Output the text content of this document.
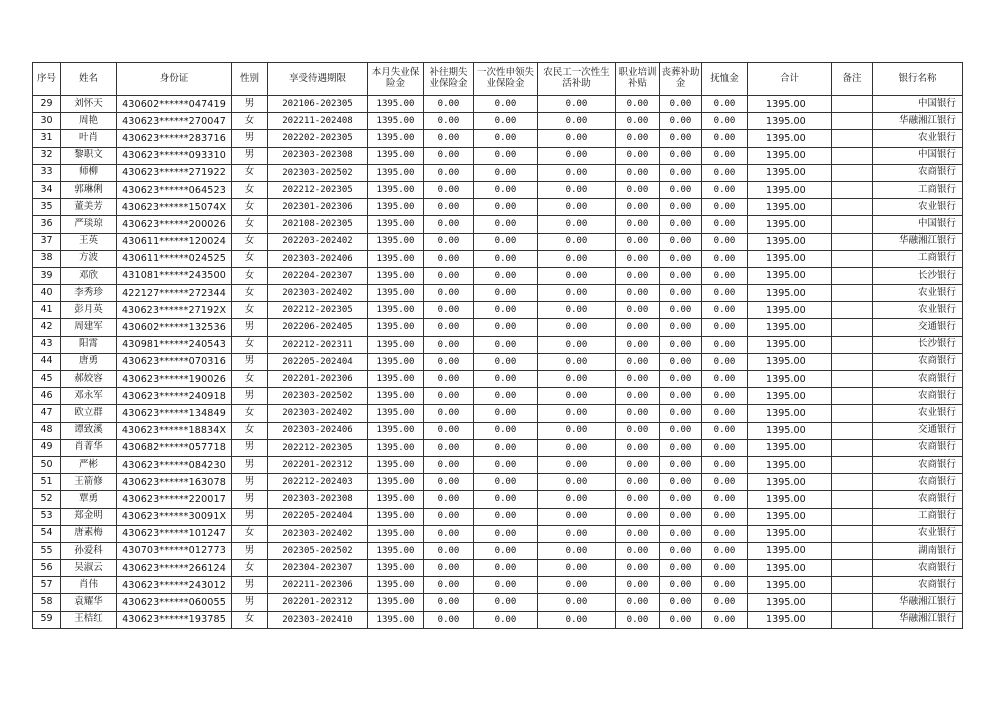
序号	姓名	身份证	性别	享受待遇期限	本月失业保险金	补往期失业保险金	一次性申领失业保险金	农民工一次性生活补助	职业培训补贴	丧葬补助金	抚恤金	合计	备注	银行名称
29	刘怀天	430602******047419	男	202106-202305	1395.00	0.00	0.00	0.00	0.00	0.00	0.00	1395.00		中国银行
30	周艳	430623******270047	女	202211-202408	1395.00	0.00	0.00	0.00	0.00	0.00	0.00	1395.00		华融湘江银行
31	叶肖	430623******283716	男	202202-202305	1395.00	0.00	0.00	0.00	0.00	0.00	0.00	1395.00		农业银行
32	黎职文	430623******093310	男	202303-202308	1395.00	0.00	0.00	0.00	0.00	0.00	0.00	1395.00		中国银行
33	师柳	430623******271922	女	202303-202502	1395.00	0.00	0.00	0.00	0.00	0.00	0.00	1395.00		农商银行
34	郭琳俐	430623******064523	女	202212-202305	1395.00	0.00	0.00	0.00	0.00	0.00	0.00	1395.00		工商银行
35	董美芳	430623******15074X	女	202301-202306	1395.00	0.00	0.00	0.00	0.00	0.00	0.00	1395.00		农业银行
36	严琰琼	430623******200026	女	202108-202305	1395.00	0.00	0.00	0.00	0.00	0.00	0.00	1395.00		中国银行
37	王英	430611******120024	女	202203-202402	1395.00	0.00	0.00	0.00	0.00	0.00	0.00	1395.00		华融湘江银行
38	方波	430611******024525	女	202303-202406	1395.00	0.00	0.00	0.00	0.00	0.00	0.00	1395.00		工商银行
39	邓欣	431081******243500	女	202204-202307	1395.00	0.00	0.00	0.00	0.00	0.00	0.00	1395.00		长沙银行
40	李秀珍	422127******272344	女	202303-202402	1395.00	0.00	0.00	0.00	0.00	0.00	0.00	1395.00		农业银行
41	彭月英	430623******27192X	女	202212-202305	1395.00	0.00	0.00	0.00	0.00	0.00	0.00	1395.00		农业银行
42	周建军	430602******132536	男	202206-202405	1395.00	0.00	0.00	0.00	0.00	0.00	0.00	1395.00		交通银行
43	阳霄	430981******240543	女	202212-202311	1395.00	0.00	0.00	0.00	0.00	0.00	0.00	1395.00		长沙银行
44	唐勇	430623******070316	男	202205-202404	1395.00	0.00	0.00	0.00	0.00	0.00	0.00	1395.00		农商银行
45	郝姣容	430623******190026	女	202201-202306	1395.00	0.00	0.00	0.00	0.00	0.00	0.00	1395.00		农商银行
46	邓永军	430623******240918	男	202303-202502	1395.00	0.00	0.00	0.00	0.00	0.00	0.00	1395.00		农商银行
47	欧立群	430623******134849	女	202303-202402	1395.00	0.00	0.00	0.00	0.00	0.00	0.00	1395.00		农业银行
48	谭致溪	430623******18834X	女	202303-202406	1395.00	0.00	0.00	0.00	0.00	0.00	0.00	1395.00		交通银行
49	肖菁华	430682******057718	男	202212-202305	1395.00	0.00	0.00	0.00	0.00	0.00	0.00	1395.00		农商银行
50	严彬	430623******084230	男	202201-202312	1395.00	0.00	0.00	0.00	0.00	0.00	0.00	1395.00		农商银行
51	王箭修	430623******163078	男	202212-202403	1395.00	0.00	0.00	0.00	0.00	0.00	0.00	1395.00		农商银行
52	覃勇	430623******220017	男	202303-202308	1395.00	0.00	0.00	0.00	0.00	0.00	0.00	1395.00		农商银行
53	郑金明	430623******30091X	男	202205-202404	1395.00	0.00	0.00	0.00	0.00	0.00	0.00	1395.00		工商银行
54	唐素梅	430623******101247	女	202303-202402	1395.00	0.00	0.00	0.00	0.00	0.00	0.00	1395.00		农业银行
55	孙爱科	430703******012773	男	202305-202502	1395.00	0.00	0.00	0.00	0.00	0.00	0.00	1395.00		湖南银行
56	吴淑云	430623******266124	女	202304-202307	1395.00	0.00	0.00	0.00	0.00	0.00	0.00	1395.00		农商银行
57	肖伟	430623******243012	男	202211-202306	1395.00	0.00	0.00	0.00	0.00	0.00	0.00	1395.00		农商银行
58	袁耀华	430623******060055	男	202201-202312	1395.00	0.00	0.00	0.00	0.00	0.00	0.00	1395.00		华融湘江银行
59	王桔红	430623******193785	女	202303-202410	1395.00	0.00	0.00	0.00	0.00	0.00	0.00	1395.00		华融湘江银行
